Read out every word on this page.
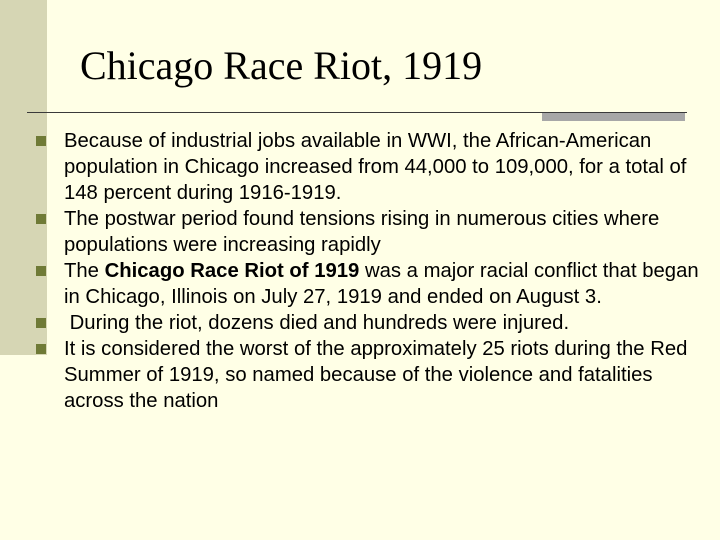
Chicago Race Riot, 1919
Because of industrial jobs available in WWI, the African-American population in Chicago increased from 44,000 to 109,000, for a total of 148 percent during 1916-1919.
The postwar period found tensions rising in numerous cities where populations were increasing rapidly
The Chicago Race Riot of 1919 was a major racial conflict that began in Chicago, Illinois on July 27, 1919 and ended on August 3.
During the riot, dozens died and hundreds were injured.
It is considered the worst of the approximately 25 riots during the Red Summer of 1919, so named because of the violence and fatalities across the nation
